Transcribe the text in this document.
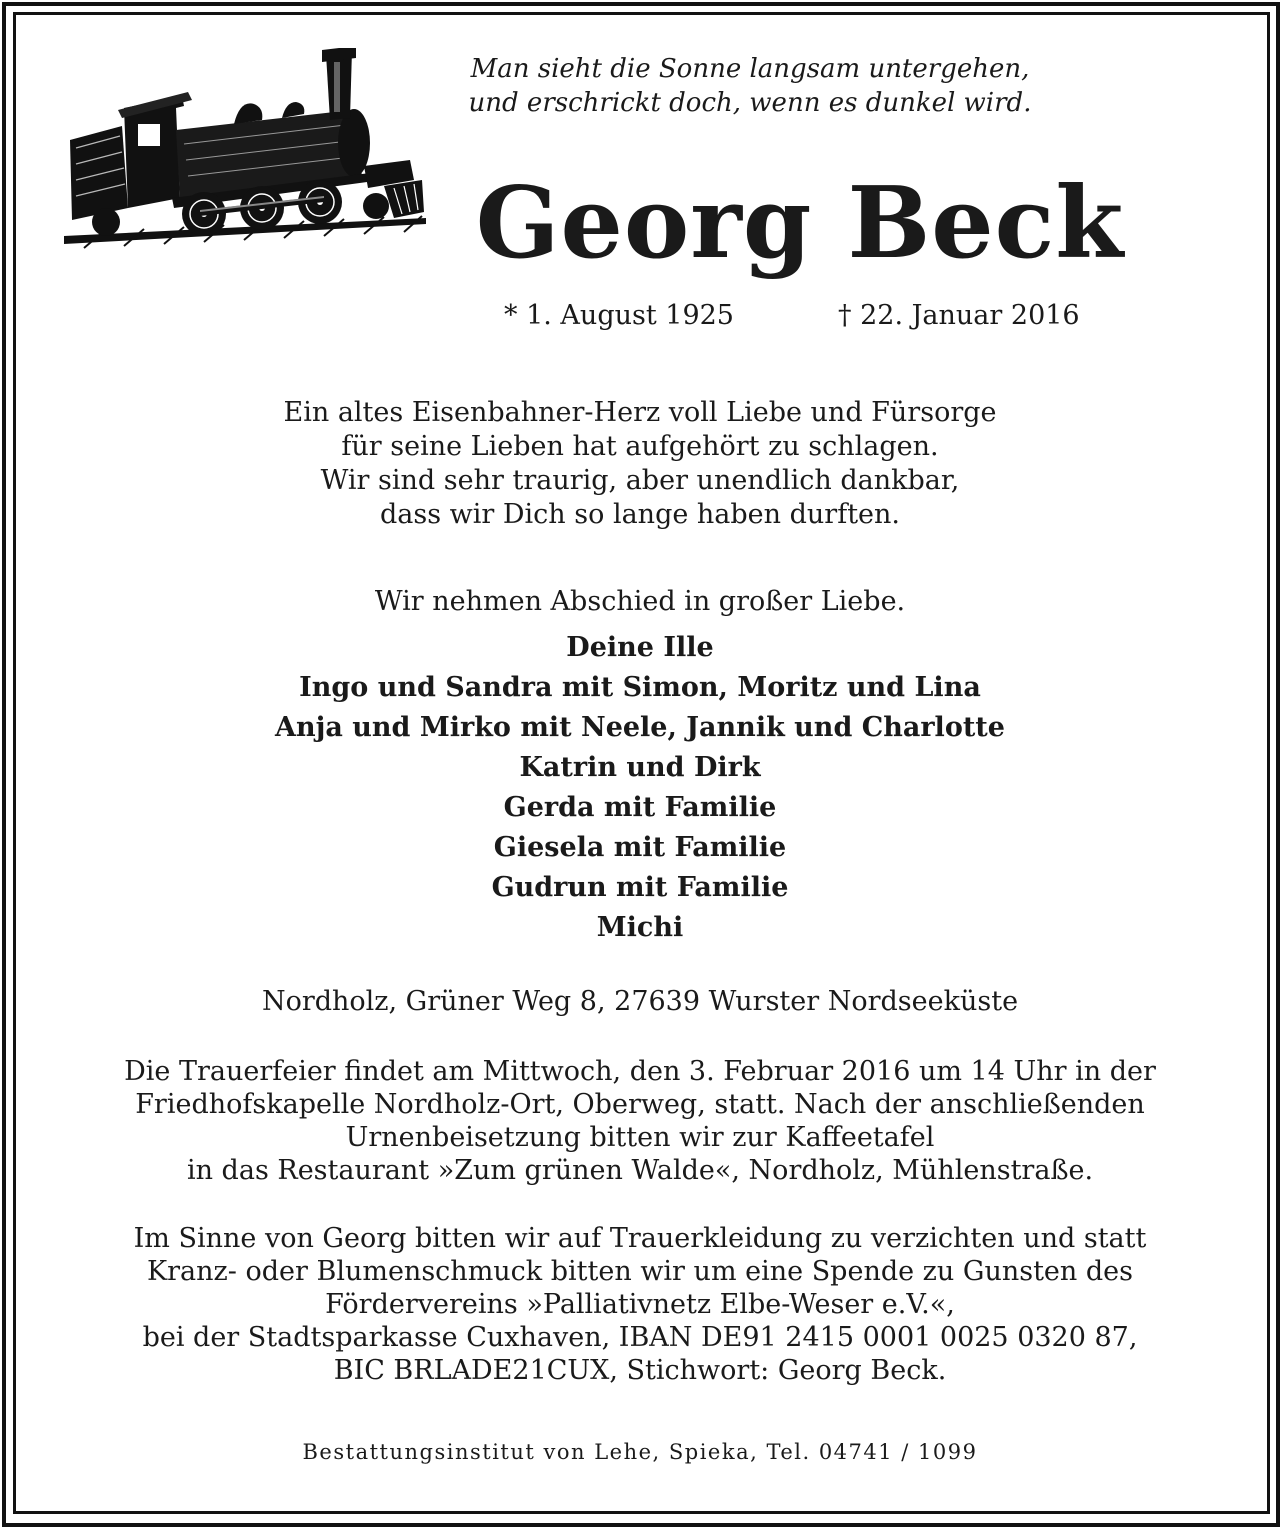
Man sieht die Sonne langsam untergehen,
und erschrickt doch, wenn es dunkel wird.
Georg Beck
* 1. August 1925	† 22. Januar 2016
Ein altes Eisenbahner-Herz voll Liebe und Fürsorge
für seine Lieben hat aufgehört zu schlagen.
Wir sind sehr traurig, aber unendlich dankbar,
dass wir Dich so lange haben durften.
Wir nehmen Abschied in großer Liebe.
Deine Ille
Ingo und Sandra mit Simon, Moritz und Lina
Anja und Mirko mit Neele, Jannik und Charlotte
Katrin und Dirk
Gerda mit Familie
Giesela mit Familie
Gudrun mit Familie
Michi
Nordholz, Grüner Weg 8, 27639 Wurster Nordseeküste
Die Trauerfeier findet am Mittwoch, den 3. Februar 2016 um 14 Uhr in der
Friedhofskapelle Nordholz-Ort, Oberweg, statt. Nach der anschließenden
Urnenbeisetzung bitten wir zur Kaffeetafel
in das Restaurant »Zum grünen Walde«, Nordholz, Mühlenstraße.
Im Sinne von Georg bitten wir auf Trauerkleidung zu verzichten und statt
Kranz- oder Blumenschmuck bitten wir um eine Spende zu Gunsten des
Fördervereins »Palliativnetz Elbe-Weser e.V.«,
bei der Stadtsparkasse Cuxhaven, IBAN DE91 2415 0001 0025 0320 87,
BIC BRLADE21CUX, Stichwort: Georg Beck.
Bestattungsinstitut von Lehe, Spieka, Tel. 04741 / 1099
